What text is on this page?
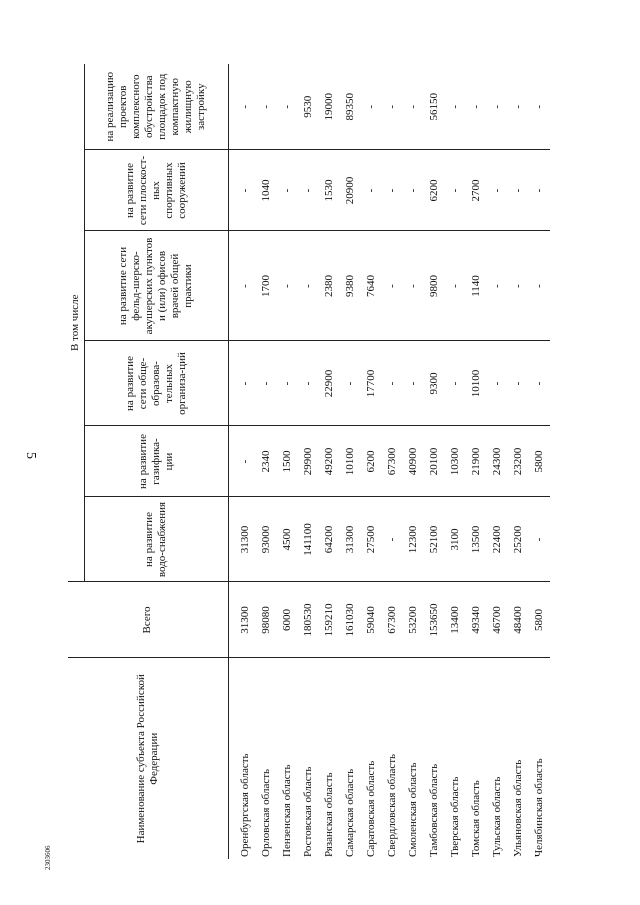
5
2303606
Наименование субъекта Российской Федерации	Всего	В том числе					
		на развитие водо-снабжения	на развитие газифика-ции	на развитие сети обще-образова-тельных организа-ций	на развитие сети фельд-шерско-акушерских пунктов и (или) офисов врачей общей практики	на развитие сети плоскост-ных спортивных сооружений	на реализацию проектов комплексного обустройства площадок под компактную жилищную застройку
Оренбургская область	31300	31300	-	-	-	-	-
Орловская область	98080	93000	2340	-	1700	1040	-
Пензенская область	6000	4500	1500	-	-	-	-
Ростовская область	180530	141100	29900	-	-	-	9530
Рязанская область	159210	64200	49200	22900	2380	1530	19000
Самарская область	161030	31300	10100	-	9380	20900	89350
Саратовская область	59040	27500	6200	17700	7640	-	-
Свердловская область	67300	-	67300	-	-	-	-
Смоленская область	53200	12300	40900	-	-	-	-
Тамбовская область	153650	52100	20100	9300	9800	6200	56150
Тверская область	13400	3100	10300	-	-	-	-
Томская область	49340	13500	21900	10100	1140	2700	-
Тульская область	46700	22400	24300	-	-	-	-
Ульяновская область	48400	25200	23200	-	-	-	-
Челябинская область	5800	-	5800	-	-	-	-
